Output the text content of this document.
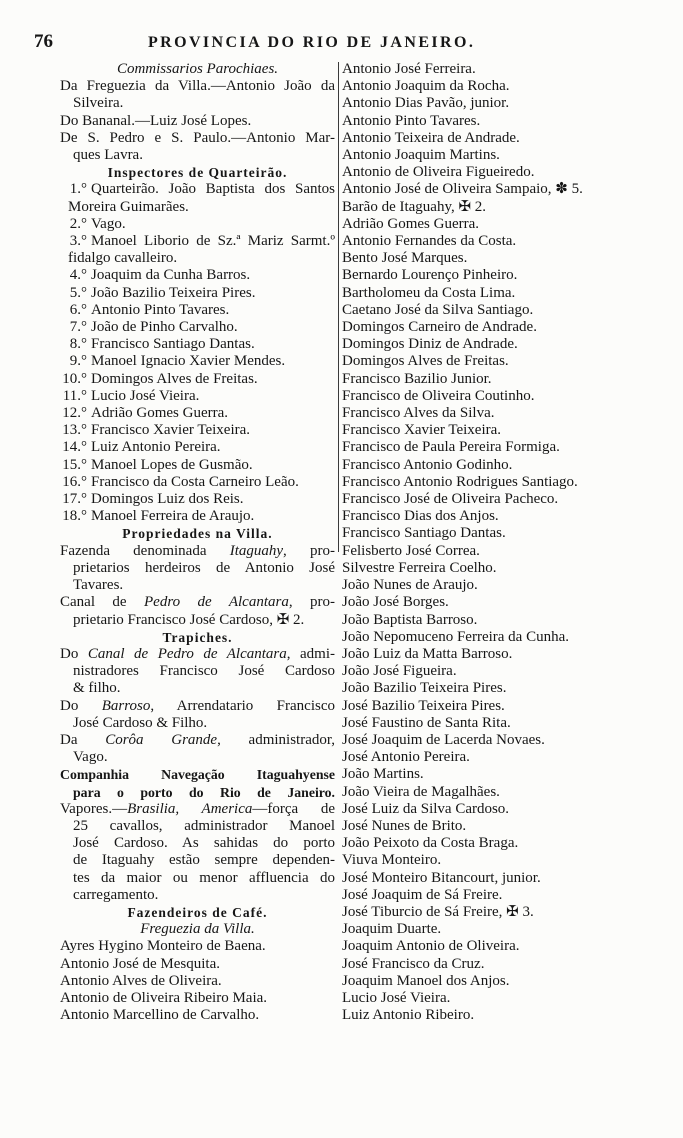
76	PROVINCIA DO RIO DE JANEIRO.
Commissarios Parochiaes.
Da Freguezia da Villa.—Antonio João da
Silveira.
Do Bananal.—Luiz José Lopes.
De S. Pedro e S. Paulo.—Antonio Mar-
ques Lavra.
Inspectores de Quarteirão.
1.° Quarteirão. João Baptista dos Santos
Moreira Guimarães.
2.° Vago.
3.° Manoel Liborio de Sz.ª Mariz Sarmt.º
fidalgo cavalleiro.
4.° Joaquim da Cunha Barros.
5.° João Bazilio Teixeira Pires.
6.° Antonio Pinto Tavares.
7.° João de Pinho Carvalho.
8.° Francisco Santiago Dantas.
9.° Manoel Ignacio Xavier Mendes.
10.° Domingos Alves de Freitas.
11.° Lucio José Vieira.
12.° Adrião Gomes Guerra.
13.° Francisco Xavier Teixeira.
14.° Luiz Antonio Pereira.
15.° Manoel Lopes de Gusmão.
16.° Francisco da Costa Carneiro Leão.
17.° Domingos Luiz dos Reis.
18.° Manoel Ferreira de Araujo.
Propriedades na Villa.
Fazenda denominada Itaguahy, pro-
prietarios herdeiros de Antonio José
Tavares.
Canal de Pedro de Alcantara, pro-
prietario Francisco José Cardoso, ✠ 2.
Trapiches.
Do Canal de Pedro de Alcantara, admi-
nistradores Francisco José Cardoso
& filho.
Do Barroso, Arrendatario Francisco
José Cardoso & Filho.
Da Corôa Grande, administrador,
Vago.
Companhia Navegação Itaguahyense
para o porto do Rio de Janeiro.
Vapores.—Brasilia, America—força de
25 cavallos, administrador Manoel
José Cardoso. As sahidas do porto
de Itaguahy estão sempre dependen-
tes da maior ou menor affluencia do
carregamento.
Fazendeiros de Café.
Freguezia da Villa.
Ayres Hygino Monteiro de Baena.
Antonio José de Mesquita.
Antonio Alves de Oliveira.
Antonio de Oliveira Ribeiro Maia.
Antonio Marcellino de Carvalho.
Antonio José Ferreira.
Antonio Joaquim da Rocha.
Antonio Dias Pavão, junior.
Antonio Pinto Tavares.
Antonio Teixeira de Andrade.
Antonio Joaquim Martins.
Antonio de Oliveira Figueiredo.
Antonio José de Oliveira Sampaio, ✽ 5.
Barão de Itaguahy, ✠ 2.
Adrião Gomes Guerra.
Antonio Fernandes da Costa.
Bento José Marques.
Bernardo Lourenço Pinheiro.
Bartholomeu da Costa Lima.
Caetano José da Silva Santiago.
Domingos Carneiro de Andrade.
Domingos Diniz de Andrade.
Domingos Alves de Freitas.
Francisco Bazilio Junior.
Francisco de Oliveira Coutinho.
Francisco Alves da Silva.
Francisco Xavier Teixeira.
Francisco de Paula Pereira Formiga.
Francisco Antonio Godinho.
Francisco Antonio Rodrigues Santiago.
Francisco José de Oliveira Pacheco.
Francisco Dias dos Anjos.
Francisco Santiago Dantas.
Felisberto José Correa.
Silvestre Ferreira Coelho.
João Nunes de Araujo.
João José Borges.
João Baptista Barroso.
João Nepomuceno Ferreira da Cunha.
João Luiz da Matta Barroso.
João José Figueira.
João Bazilio Teixeira Pires.
José Bazilio Teixeira Pires.
José Faustino de Santa Rita.
José Joaquim de Lacerda Novaes.
José Antonio Pereira.
João Martins.
João Vieira de Magalhães.
José Luiz da Silva Cardoso.
José Nunes de Brito.
João Peixoto da Costa Braga.
Viuva Monteiro.
José Monteiro Bitancourt, junior.
José Joaquim de Sá Freire.
José Tiburcio de Sá Freire, ✠ 3.
Joaquim Duarte.
Joaquim Antonio de Oliveira.
José Francisco da Cruz.
Joaquim Manoel dos Anjos.
Lucio José Vieira.
Luiz Antonio Ribeiro.
